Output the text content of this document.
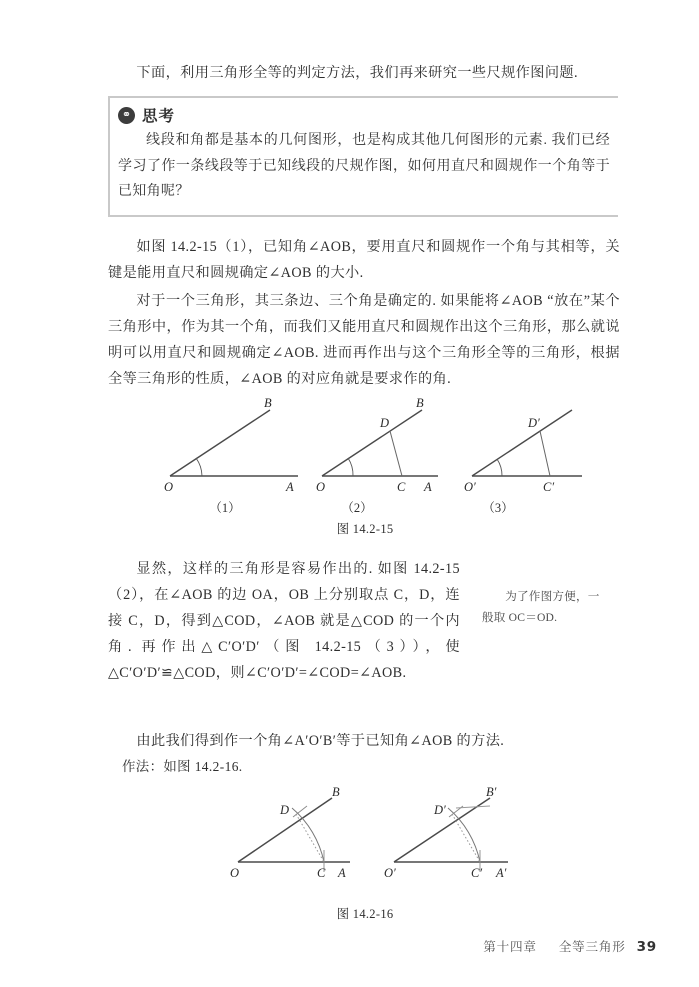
下面，利用三角形全等的判定方法，我们再来研究一些尺规作图问题.
⚭ 思考
线段和角都是基本的几何图形，也是构成其他几何图形的元素. 我们已经学习了作一条线段等于已知线段的尺规作图，如何用直尺和圆规作一个角等于已知角呢？
如图 14.2-15（1），已知角∠AOB，要用直尺和圆规作一个角与其相等，关键是能用直尺和圆规确定∠AOB 的大小.
对于一个三角形，其三条边、三个角是确定的. 如果能将∠AOB “放在”某个三角形中，作为其一个角，而我们又能用直尺和圆规作出这个三角形，那么就说明可以用直尺和圆规确定∠AOB. 进而再作出与这个三角形全等的三角形，根据全等三角形的性质，∠AOB 的对应角就是要求作的角.
O	A
B
O	C A
D
B
O′	C′
D′
（1）	（2）	（3）
图 14.2-15
显然，这样的三角形是容易作出的. 如图 14.2-15（2），在∠AOB 的边 OA，OB 上分别取点 C，D，连接 C，D，得到△COD，∠AOB 就是△COD 的一个内角. 再作出△C′O′D′（图 14.2-15（3）），使△C′O′D′≌△COD，则∠C′O′D′=∠COD=∠AOB.
为了作图方便，一般取 OC＝OD.
由此我们得到作一个角∠A′O′B′等于已知角∠AOB 的方法.
作法：如图 14.2-16.
O	C A
D
B
O′	C′ A′
D′
B′
图 14.2-16
第十四章 全等三角形 39
